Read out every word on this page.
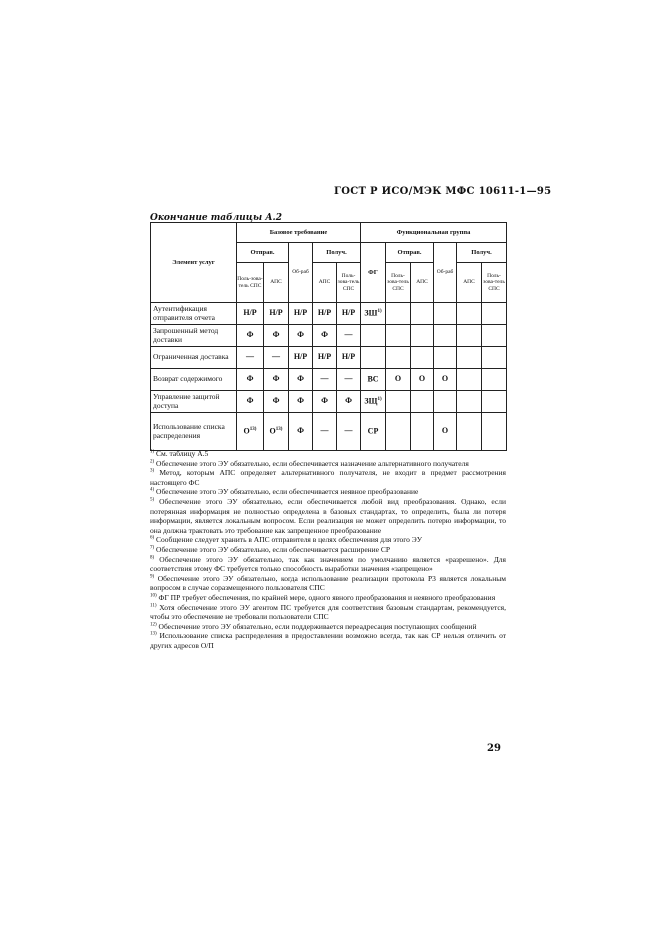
ГОСТ Р ИСО/МЭК МФС 10611-1—95
Окончание таблицы А.2
Элемент услуг	Базовое требование					Функциональная группа					
	Отправ.		Об-раб	Получ.		ФГ	Отправ.		Об-раб	Получ.	
	Поль-зова-тель СПС	АПС		АПС	Поль-зова-тель СПС		Поль-зова-тель СПС	АПС		АПС	Поль-зова-тель СПС
Аутентификация отправителя отчета	Н/Р	Н/Р	Н/Р	Н/Р	Н/Р	ЗШ$^{1)}$					
Запрошенный метод доставки	Ф	Ф	Ф	Ф	—						
Ограниченная доставка	—	—	Н/Р	Н/Р	Н/Р						
Возврат содержимого	Ф	Ф	Ф	—	—	ВС	О	О	О		
Управление защитой доступа	Ф	Ф	Ф	Ф	Ф	ЗЩ$^{1)}$					
Использование списка распределения	$О^{13)}$	$О^{13)}$	Ф	—	—	СР			О		

$^{1)}$ См. таблицу А.5

$^{2)}$ Обеспечение этого ЭУ обязательно, если обеспечивается назначение альтернативного получателя

$^{3)}$ Метод, которым АПС определяет альтернативного получателя, не входит в предмет рассмотрения настоящего ФС

$^{4)}$ Обеспечение этого ЭУ обязательно, если обеспечивается неявное преобразование

$^{5)}$ Обеспечение этого ЭУ обязательно, если обеспечивается любой вид преобразования. Однако, если потерянная информация не полностью определена в базовых стандартах, то определить, была ли потеря информации, является локальным вопросом. Если реализация не может определить потерю информации, то она должна трактовать это требование как запрещенное преобразование

$^{6)}$ Сообщение следует хранить в АПС отправителя в целях обеспечения для этого ЭУ

$^{7)}$ Обеспечение этого ЭУ обязательно, если обеспечивается расширение СР

$^{8)}$ Обеспечение этого ЭУ обязательно, так как значением по умолчанию является «разрешено». Для соответствия этому ФС требуется только способность выработки значения «запрещено»

$^{9)}$ Обеспечение этого ЭУ обязательно, когда использование реализации протокола Р3 является локальным вопросом в случае соразмещенного пользователя СПС

$^{10)}$ ФГ ПР требует обеспечения, по крайней мере, одного явного преобразования и неявного преобразования

$^{11)}$ Хотя обеспечение этого ЭУ агентом ПС требуется для соответствия базовым стандартам, рекомендуется, чтобы это обеспечение не требовали пользователи СПС

$^{12)}$ Обеспечение этого ЭУ обязательно, если поддерживается переадресация поступающих сообщений

$^{13)}$ Использование списка распределения в предоставлении возможно всегда, так как СР нельзя отличить от других адресов О/П

29
